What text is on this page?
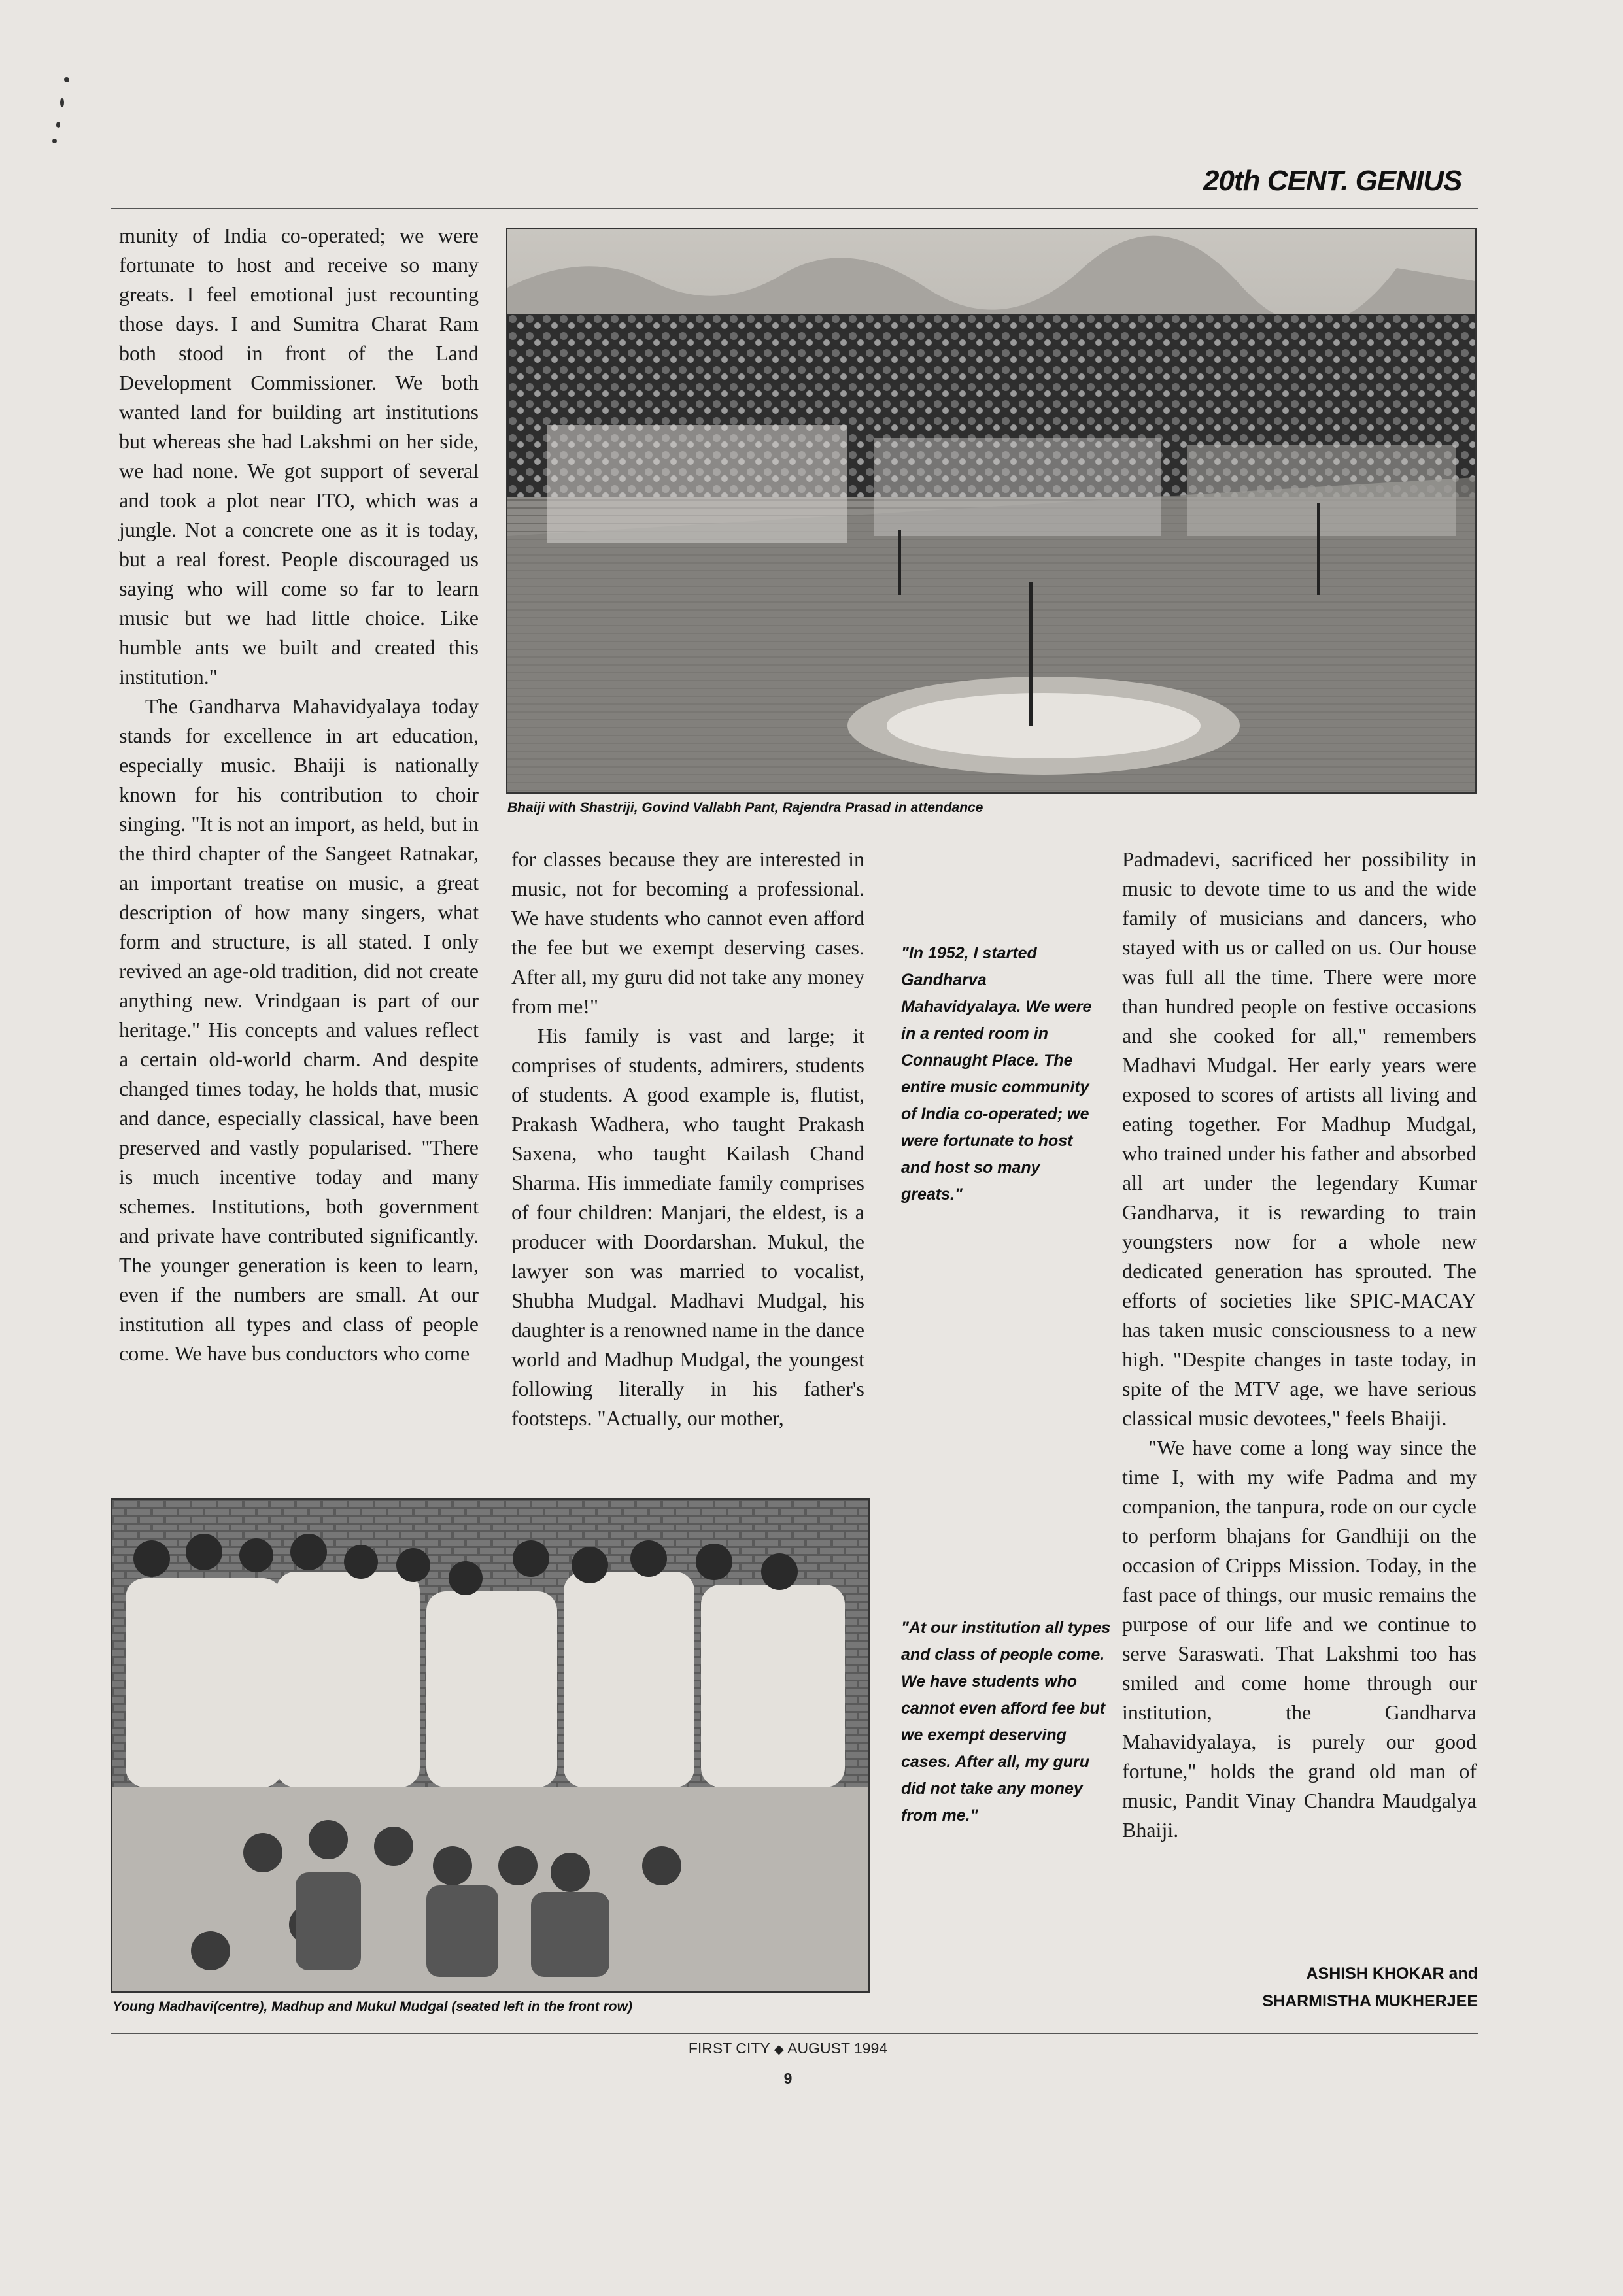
20th CENT. GENIUS

munity of India co-operated; we were fortunate to host and receive so many greats. I feel emotional just recounting those days. I and Sumitra Charat Ram both stood in front of the Land Development Commissioner. We both wanted land for building art institutions but whereas she had Lakshmi on her side, we had none. We got support of several and took a plot near ITO, which was a jungle. Not a concrete one as it is today, but a real forest. People discouraged us saying who will come so far to learn music but we had little choice. Like humble ants we built and created this institution."

The Gandharva Mahavidyalaya today stands for excellence in art education, especially music. Bhaiji is nationally known for his contribution to choir singing. "It is not an import, as held, but in the third chapter of the Sangeet Ratnakar, an important treatise on music, a great description of how many singers, what form and structure, is all stated. I only revived an age-old tradition, did not create anything new. Vrindgaan is part of our heritage." His concepts and values reflect a certain old-world charm. And despite changed times today, he holds that, music and dance, especially classical, have been preserved and vastly popularised. "There is much incentive today and many schemes. Institutions, both government and private have contributed significantly. The younger generation is keen to learn, even if the numbers are small. At our institution all types and class of people come. We have bus conductors who come

Bhaiji with Shastriji, Govind Vallabh Pant, Rajendra Prasad in attendance

for classes because they are interested in music, not for becoming a professional. We have students who cannot even afford the fee but we exempt deserving cases. After all, my guru did not take any money from me!"

His family is vast and large; it comprises of students, admirers, students of students. A good example is, flutist, Prakash Wadhera, who taught Prakash Saxena, who taught Kailash Chand Sharma. His immediate family comprises of four children: Manjari, the eldest, is a producer with Doordarshan. Mukul, the lawyer son was married to vocalist, Shubha Mudgal. Madhavi Mudgal, his daughter is a renowned name in the dance world and Madhup Mudgal, the youngest following literally in his father's footsteps. "Actually, our mother,

"In 1952, I started Gandharva Mahavidyalaya. We were in a rented room in Connaught Place. The entire music community of India co-operated; we were fortunate to host and host so many greats."

Padmadevi, sacrificed her possibility in music to devote time to us and the wide family of musicians and dancers, who stayed with us or called on us. Our house was full all the time. There were more than hundred people on festive occasions and she cooked for all," remembers Madhavi Mudgal. Her early years were exposed to scores of artists all living and eating together. For Madhup Mudgal, who trained under his father and absorbed all art under the legendary Kumar Gandharva, it is rewarding to train youngsters now for a whole new dedicated generation has sprouted. The efforts of societies like SPIC-MACAY has taken music consciousness to a new high. "Despite changes in taste today, in spite of the MTV age, we have serious classical music devotees," feels Bhaiji.

"We have come a long way since the time I, with my wife Padma and my companion, the tanpura, rode on our cycle to perform bhajans for Gandhiji on the occasion of Cripps Mission. Today, in the fast pace of things, our music remains the purpose of our life and we continue to serve Saraswati. That Lakshmi too has smiled and come home through our institution, the Gandharva Mahavidyalaya, is purely our good fortune," holds the grand old man of music, Pandit Vinay Chandra Maudgalya Bhaiji.

Young Madhavi(centre), Madhup and Mukul Mudgal (seated left in the front row)
"At our institution all types and class of people come. We have students who cannot even afford fee but we exempt deserving cases. After all, my guru did not take any money from me."
ASHISH KHOKAR and
SHARMISTHA MUKHERJEE
FIRST CITY ◆ AUGUST 1994
9
